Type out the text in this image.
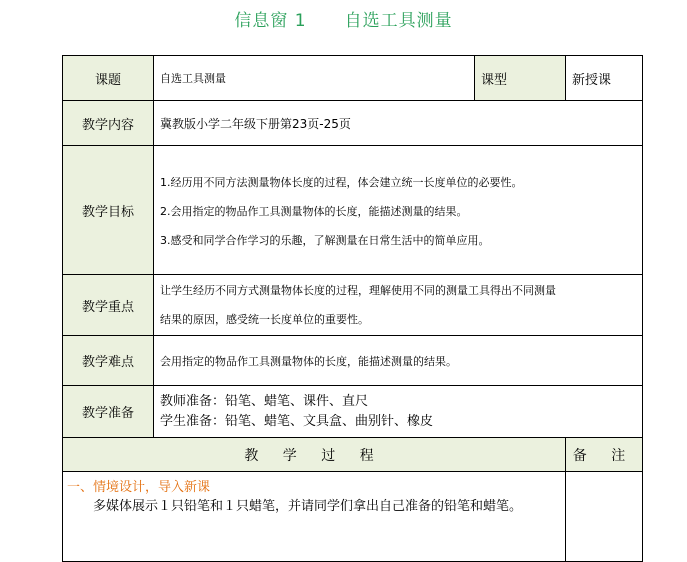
信息窗 1 自选工具测量
课题	自选工具测量	课型	新授课
教学内容	冀教版小学二年级下册第23页-25页		
教学目标	1.经历用不同方法测量物体长度的过程，体会建立统一长度单位的必要性。
2.会用指定的物品作工具测量物体的长度，能描述测量的结果。
3.感受和同学合作学习的乐趣，了解测量在日常生活中的简单应用。		

教学重点	让学生经历不同方式测量物体长度的过程，理解使用不同的测量工具得出不同测量
结果的原因，感受统一长度单位的重要性。		

教学难点	会用指定的物品作工具测量物体的长度，能描述测量的结果。		
教学准备	教师准备：铅笔、蜡笔、课件、直尺
学生准备：铅笔、蜡笔、文具盒、曲别针、橡皮		

教 学 过 程			备 注

一、情境设计，导入新课
多媒体展示１只铅笔和１只蜡笔，并请同学们拿出自己准备的铅笔和蜡笔。			
